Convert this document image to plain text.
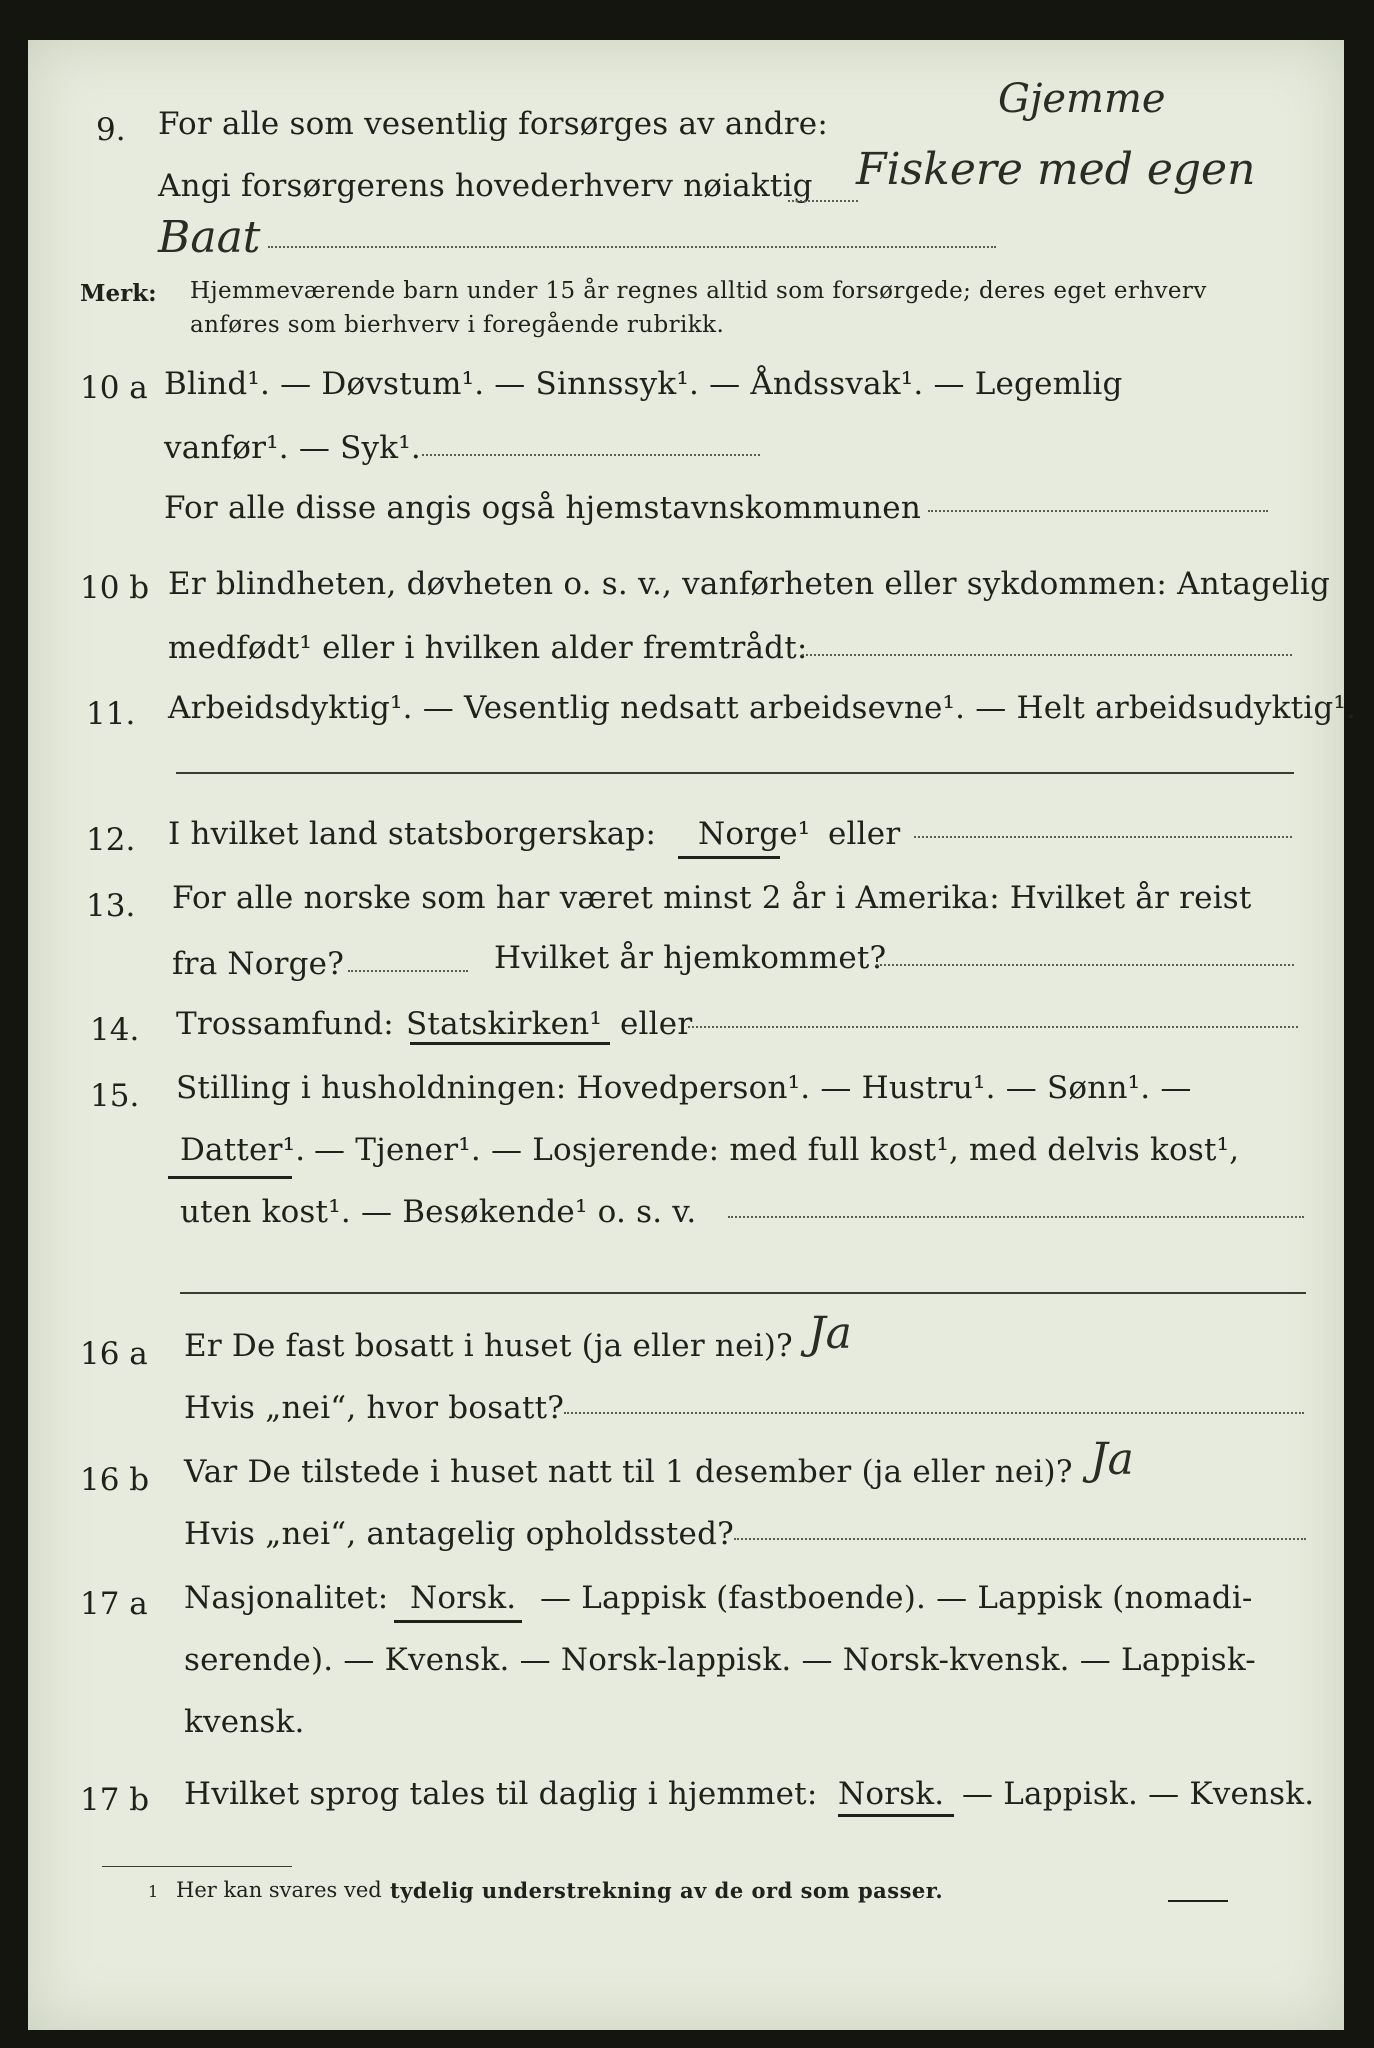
9. For alle som vesentlig forsørges av andre:
Gjemme
Angi forsørgerens hovederhverv nøiaktig Fiskere med egen
Baat
Merk: Hjemmeværende barn under 15 år regnes alltid som forsørgede; deres eget erhverv
anføres som bierhverv i foregående rubrikk.
10 a Blind¹. — Døvstum¹. — Sinnssyk¹. — Åndssvak¹. — Legemlig
vanfør¹. — Syk¹.
For alle disse angis også hjemstavnskommunen
10 b Er blindheten, døvheten o. s. v., vanførheten eller sykdommen: Antagelig
medfødt¹ eller i hvilken alder fremtrådt:
11. Arbeidsdyktig¹. — Vesentlig nedsatt arbeidsevne¹. — Helt arbeidsudyktig¹.
12. I hvilket land statsborgerskap: Norge¹ eller
13. For alle norske som har været minst 2 år i Amerika: Hvilket år reist
fra Norge?	Hvilket år hjemkommet?
14. Trossamfund: Statskirken¹ eller
15. Stilling i husholdningen: Hovedperson¹. — Hustru¹. — Sønn¹. —
Datter¹. — Tjener¹. — Losjerende: med full kost¹, med delvis kost¹,
uten kost¹. — Besøkende¹ o. s. v.
16 a Er De fast bosatt i huset (ja eller nei)? Ja
Hvis „nei“, hvor bosatt?
16 b Var De tilstede i huset natt til 1 desember (ja eller nei)? Ja
Hvis „nei“, antagelig opholdssted?
17 a Nasjonalitet: Norsk. — Lappisk (fastboende). — Lappisk (nomadi-
serende). — Kvensk. — Norsk-lappisk. — Norsk-kvensk. — Lappisk-
kvensk.
17 b Hvilket sprog tales til daglig i hjemmet: Norsk. — Lappisk. — Kvensk.
1 Her kan svares ved tydelig understrekning av de ord som passer.
